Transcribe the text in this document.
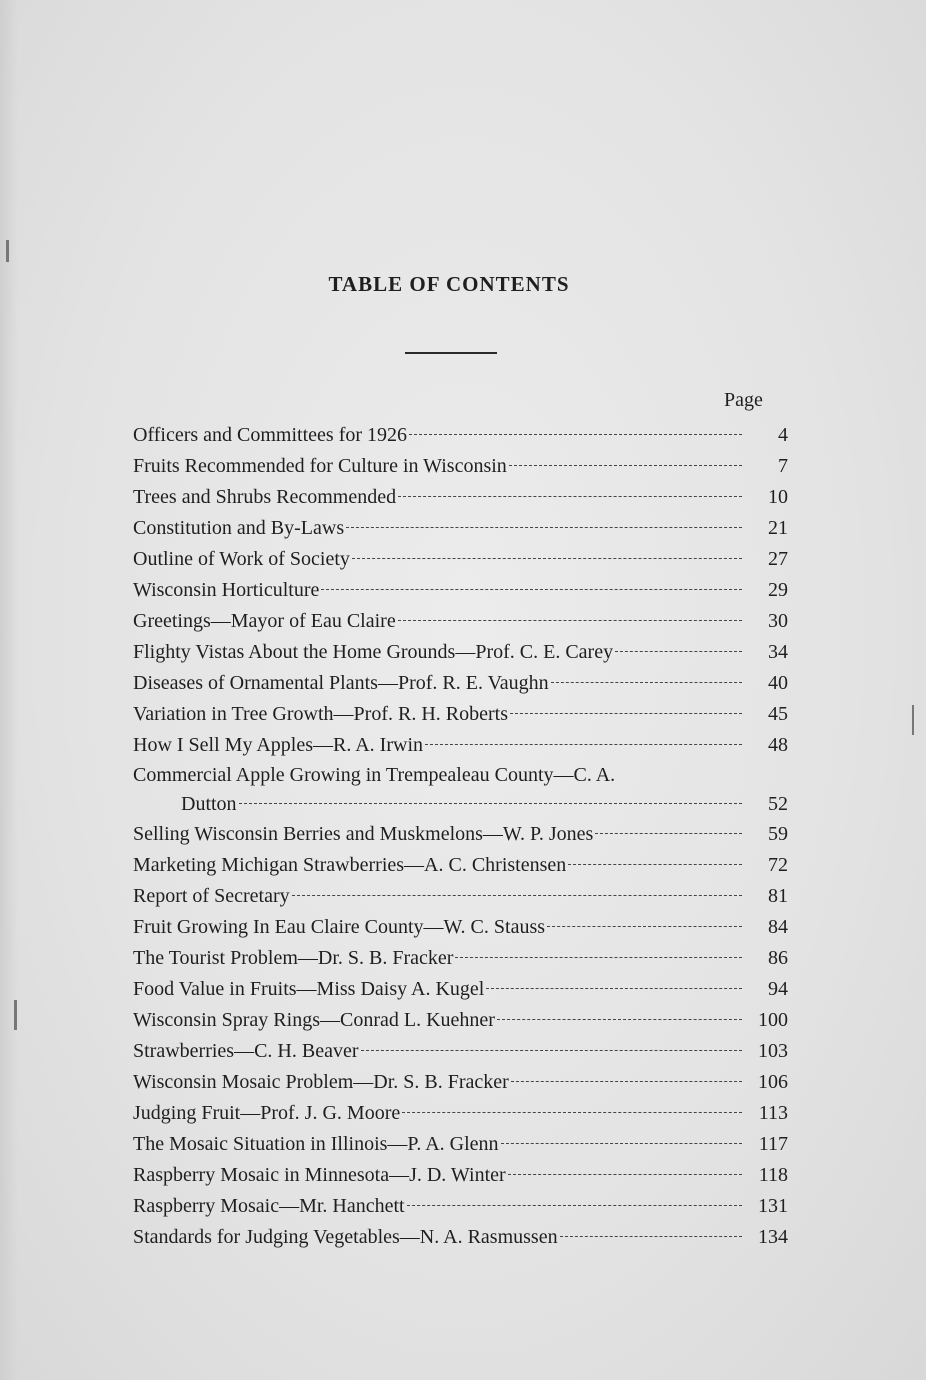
TABLE OF CONTENTS
Page
Officers and Committees for 1926	4
Fruits Recommended for Culture in Wisconsin	7
Trees and Shrubs Recommended	10
Constitution and By-Laws	21
Outline of Work of Society	27
Wisconsin Horticulture	29
Greetings—Mayor of Eau Claire	30
Flighty Vistas About the Home Grounds—Prof. C. E. Carey	34
Diseases of Ornamental Plants—Prof. R. E. Vaughn	40
Variation in Tree Growth—Prof. R. H. Roberts	45
How I Sell My Apples—R. A. Irwin	48
Commercial Apple Growing in Trempealeau County—C. A.
Dutton	52
Selling Wisconsin Berries and Muskmelons—W. P. Jones	59
Marketing Michigan Strawberries—A. C. Christensen	72
Report of Secretary	81
Fruit Growing In Eau Claire County—W. C. Stauss	84
The Tourist Problem—Dr. S. B. Fracker	86
Food Value in Fruits—Miss Daisy A. Kugel	94
Wisconsin Spray Rings—Conrad L. Kuehner	100
Strawberries—C. H. Beaver	103
Wisconsin Mosaic Problem—Dr. S. B. Fracker	106
Judging Fruit—Prof. J. G. Moore	113
The Mosaic Situation in Illinois—P. A. Glenn	117
Raspberry Mosaic in Minnesota—J. D. Winter	118
Raspberry Mosaic—Mr. Hanchett	131
Standards for Judging Vegetables—N. A. Rasmussen	134
